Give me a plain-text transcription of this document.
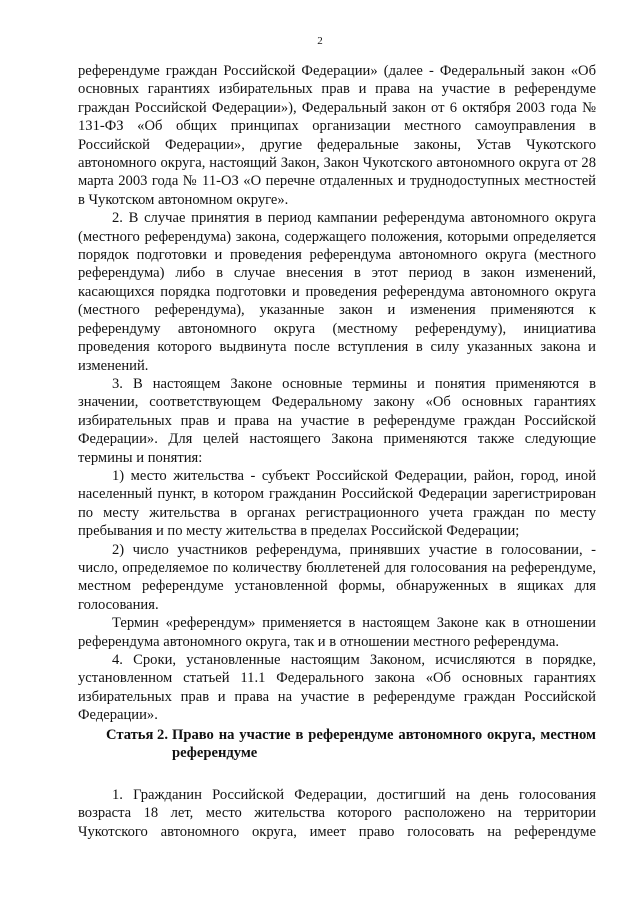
2

референдуме граждан Российской Федерации» (далее - Федеральный закон «Об основных гарантиях избирательных прав и права на участие в референдуме граждан Российской Федерации»), Федеральный закон от 6 октября 2003 года № 131-ФЗ «Об общих принципах организации местного самоуправления в Российской Федерации», другие федеральные законы, Устав Чукотского автономного округа, настоящий Закон, Закон Чукотского автономного округа от 28 марта 2003 года № 11-ОЗ «О перечне отдаленных и труднодоступных местностей в Чукотском автономном округе».

2. В случае принятия в период кампании референдума автономного округа (местного референдума) закона, содержащего положения, которыми определяется порядок подготовки и проведения референдума автономного округа (местного референдума) либо в случае внесения в этот период в закон изменений, касающихся порядка подготовки и проведения референдума автономного округа (местного референдума), указанные закон и изменения применяются к референдуму автономного округа (местному референдуму), инициатива проведения которого выдвинута после вступления в силу указанных закона и изменений.

3. В настоящем Законе основные термины и понятия применяются в значении, соответствующем Федеральному закону «Об основных гарантиях избирательных прав и права на участие в референдуме граждан Российской Федерации». Для целей настоящего Закона применяются также следующие термины и понятия:

1) место жительства - субъект Российской Федерации, район, город, иной населенный пункт, в котором гражданин Российской Федерации зарегистрирован по месту жительства в органах регистрационного учета граждан по месту пребывания и по месту жительства в пределах Российской Федерации;

2) число участников референдума, принявших участие в голосовании, - число, определяемое по количеству бюллетеней для голосования на референдуме, местном референдуме установленной формы, обнаруженных в ящиках для голосования.

Термин «референдум» применяется в настоящем Законе как в отношении референдума автономного округа, так и в отношении местного референдума.

4. Сроки, установленные настоящим Законом, исчисляются в порядке, установленном статьей 11.1 Федерального закона «Об основных гарантиях избирательных прав и права на участие в референдуме граждан Российской Федерации».

Статья 2. Право на участие в референдуме автономного округа, местном референдуме

1. Гражданин Российской Федерации, достигший на день голосования возраста 18 лет, место жительства которого расположено на территории Чукотского автономного округа, имеет право голосовать на референдуме
